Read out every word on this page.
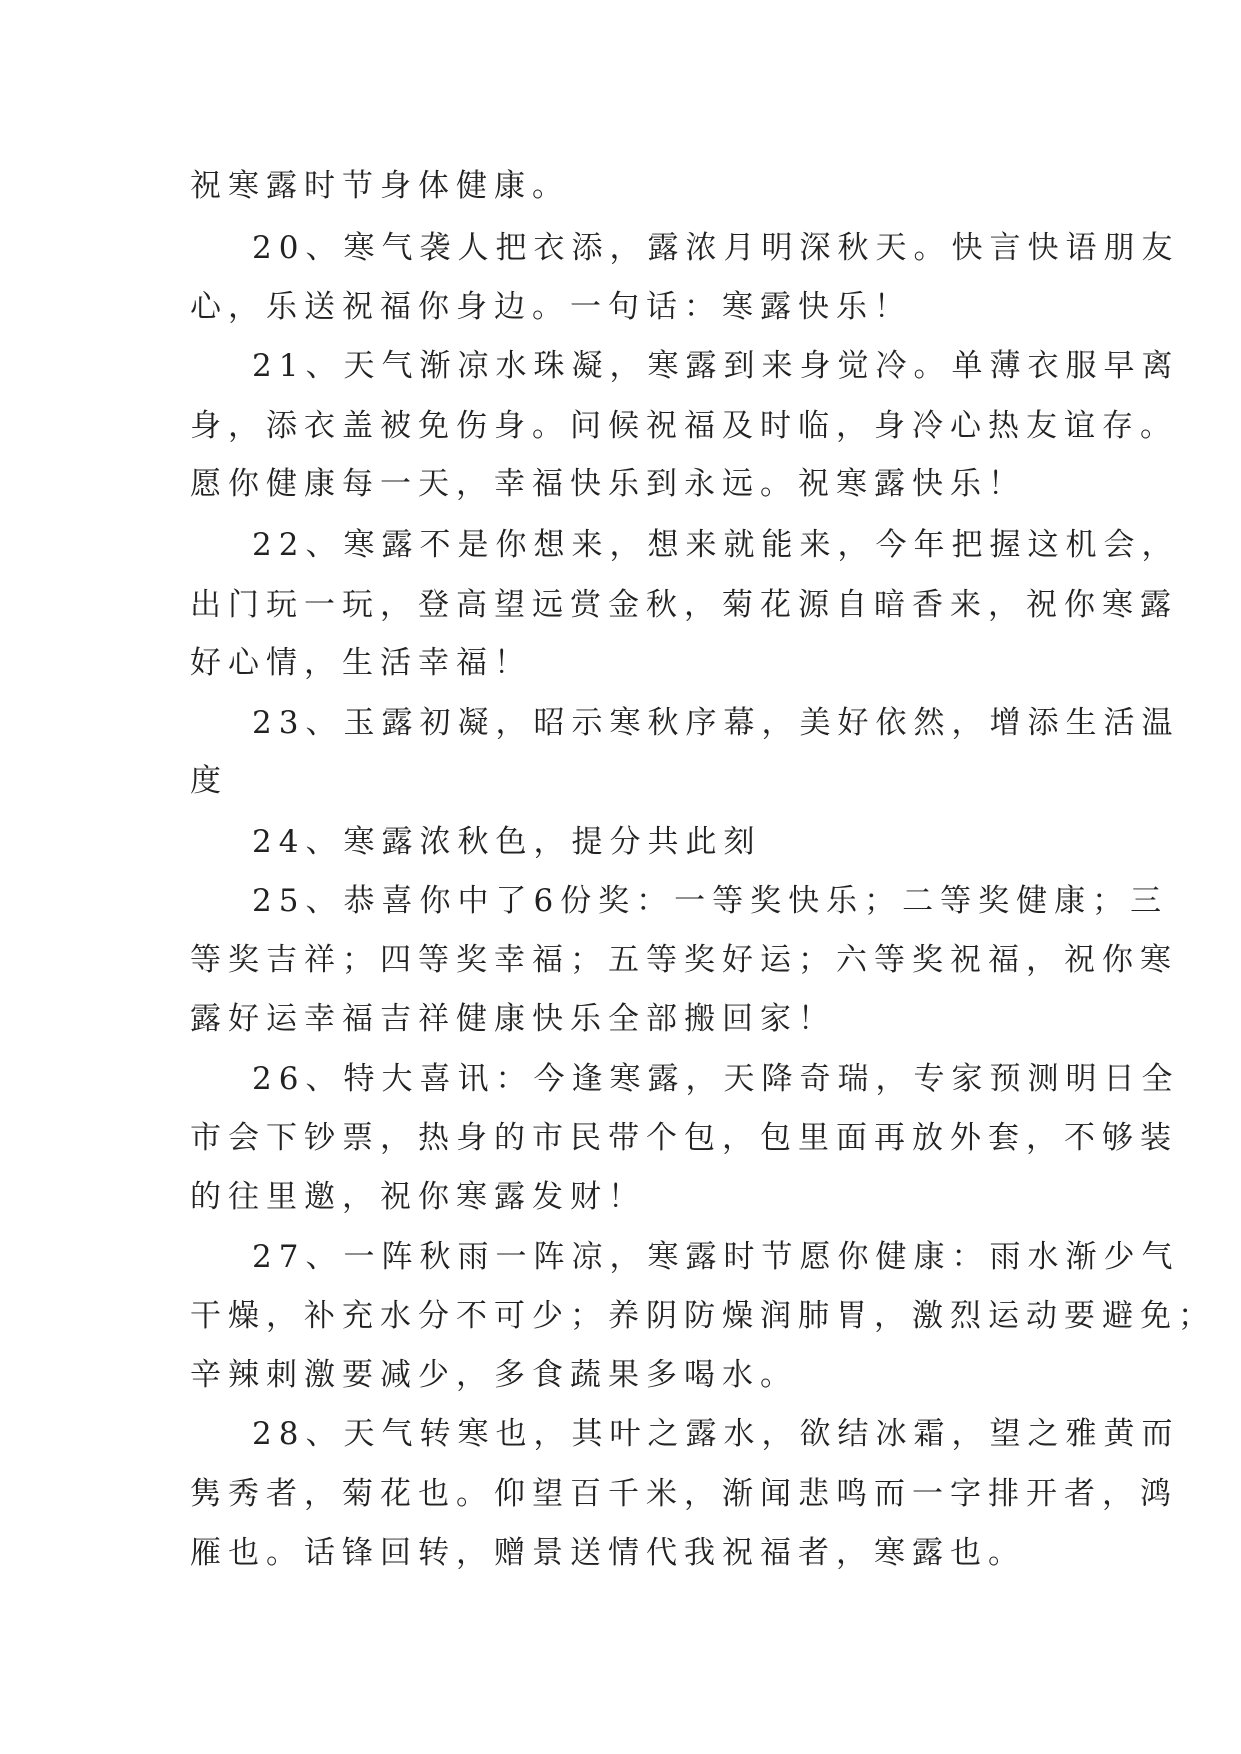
祝寒露时节身体健康。
20、寒气袭人把衣添，露浓月明深秋天。快言快语朋友
心，乐送祝福你身边。一句话：寒露快乐！
21、天气渐凉水珠凝，寒露到来身觉冷。单薄衣服早离
身，添衣盖被免伤身。问候祝福及时临，身冷心热友谊存。
愿你健康每一天，幸福快乐到永远。祝寒露快乐！
22、寒露不是你想来，想来就能来，今年把握这机会，
出门玩一玩，登高望远赏金秋，菊花源自暗香来，祝你寒露
好心情，生活幸福！
23、玉露初凝，昭示寒秋序幕，美好依然，增添生活温
度
24、寒露浓秋色，提分共此刻
25、恭喜你中了6份奖：一等奖快乐；二等奖健康；三
等奖吉祥；四等奖幸福；五等奖好运；六等奖祝福，祝你寒
露好运幸福吉祥健康快乐全部搬回家！
26、特大喜讯：今逢寒露，天降奇瑞，专家预测明日全
市会下钞票，热身的市民带个包，包里面再放外套，不够装
的往里邀，祝你寒露发财！
27、一阵秋雨一阵凉，寒露时节愿你健康：雨水渐少气
干燥，补充水分不可少；养阴防燥润肺胃，激烈运动要避免；
辛辣刺激要减少，多食蔬果多喝水。
28、天气转寒也，其叶之露水，欲结冰霜，望之雅黄而
隽秀者，菊花也。仰望百千米，渐闻悲鸣而一字排开者，鸿
雁也。话锋回转，赠景送情代我祝福者，寒露也。
